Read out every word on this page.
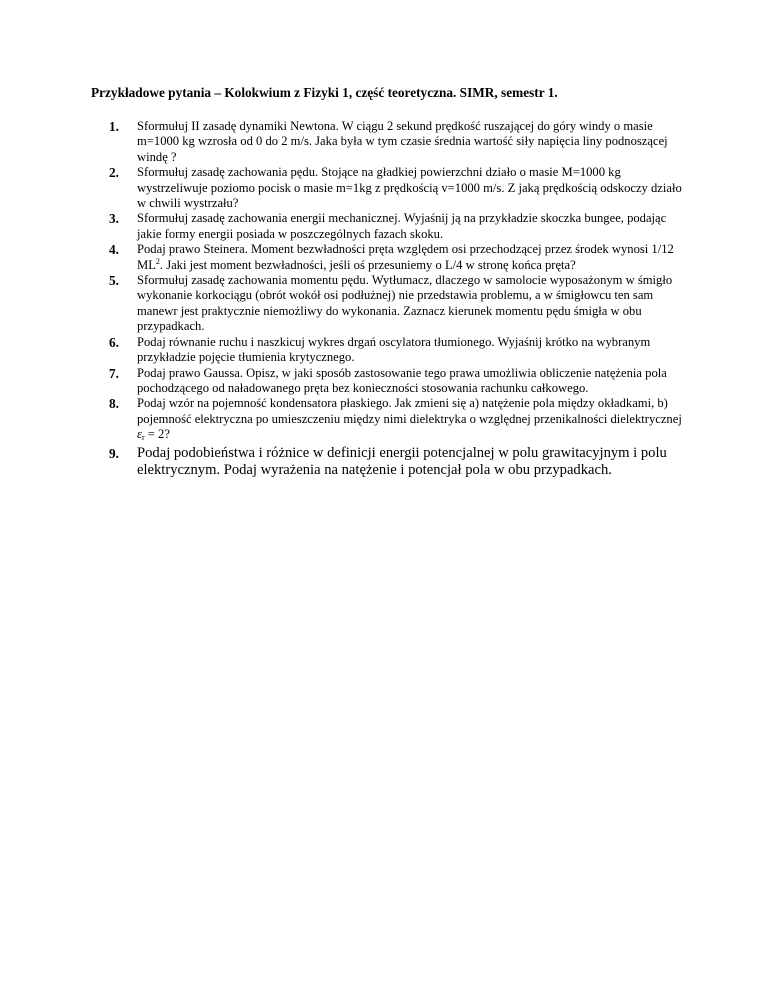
Przykładowe pytania – Kolokwium z Fizyki 1, część teoretyczna. SIMR, semestr 1.
1.	Sformułuj II zasadę dynamiki Newtona. W ciągu 2 sekund prędkość ruszającej do góry windy o masie m=1000 kg wzrosła od 0 do 2 m/s. Jaka była w tym czasie średnia wartość siły napięcia liny podnoszącej windę ?
2.	Sformułuj zasadę zachowania pędu. Stojące na gładkiej powierzchni działo o masie M=1000 kg wystrzeliwuje poziomo pocisk o masie m=1kg z prędkością v=1000 m/s. Z jaką prędkością odskoczy działo w chwili wystrzału?
3.	Sformułuj zasadę zachowania energii mechanicznej. Wyjaśnij ją na przykładzie skoczka bungee, podając jakie formy energii posiada w poszczególnych fazach skoku.
4.	Podaj prawo Steinera. Moment bezwładności pręta względem osi przechodzącej przez środek wynosi 1/12 $ML^2$. Jaki jest moment bezwładności, jeśli oś przesuniemy o L/4 w stronę końca pręta?
5.	Sformułuj zasadę zachowania momentu pędu. Wytłumacz, dlaczego w samolocie wyposażonym w śmigło wykonanie korkociągu (obrót wokół osi podłużnej) nie przedstawia problemu, a w śmigłowcu ten sam manewr jest praktycznie niemożliwy do wykonania. Zaznacz kierunek momentu pędu śmigła w obu przypadkach.
6.	Podaj równanie ruchu i naszkicuj wykres drgań oscylatora tłumionego. Wyjaśnij krótko na wybranym przykładzie pojęcie tłumienia krytycznego.
7.	Podaj prawo Gaussa. Opisz, w jaki sposób zastosowanie tego prawa umożliwia obliczenie natężenia pola pochodzącego od naładowanego pręta bez konieczności stosowania rachunku całkowego.
8.	Podaj wzór na pojemność kondensatora płaskiego. Jak zmieni się a) natężenie pola między okładkami, b) pojemność elektryczna po umieszczeniu między nimi dielektryka o względnej przenikalności dielektrycznej $\varepsilon_r = 2$?
9.	Podaj podobieństwa i różnice w definicji energii potencjalnej w polu grawitacyjnym i polu elektrycznym. Podaj wyrażenia na natężenie i potencjał pola w obu przypadkach.
